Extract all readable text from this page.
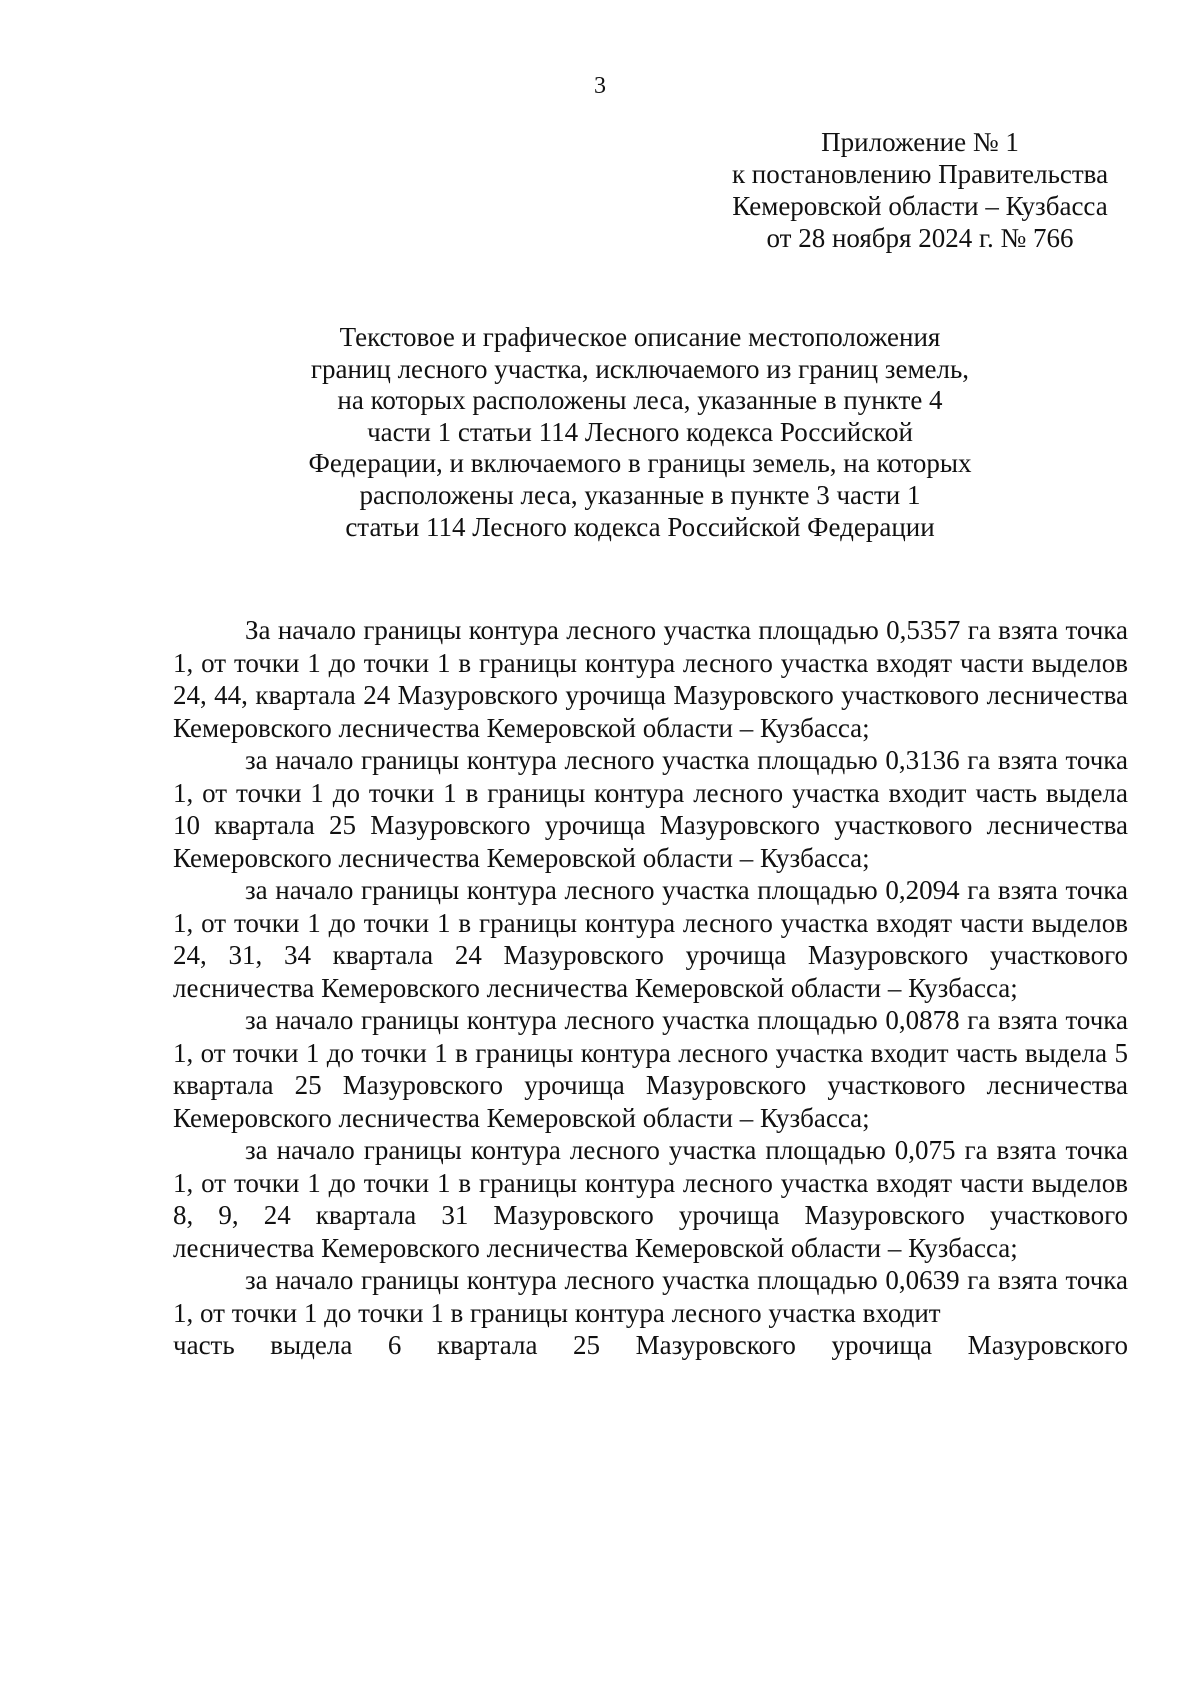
3
Приложение № 1
к постановлению Правительства
Кемеровской области – Кузбасса
от 28 ноября 2024 г. № 766
Текстовое и графическое описание местоположения
границ лесного участка, исключаемого из границ земель,
на которых расположены леса, указанные в пункте 4
части 1 статьи 114 Лесного кодекса Российской
Федерации, и включаемого в границы земель, на которых
расположены леса, указанные в пункте 3 части 1
статьи 114 Лесного кодекса Российской Федерации

За начало границы контура лесного участка площадью 0,5357 га взята точка 1, от точки 1 до точки 1 в границы контура лесного участка входят части выделов 24, 44, квартала 24 Мазуровского урочища Мазуровского участкового лесничества Кемеровского лесничества Кемеровской области – Кузбасса;

за начало границы контура лесного участка площадью 0,3136 га взята точка 1, от точки 1 до точки 1 в границы контура лесного участка входит часть выдела 10 квартала 25 Мазуровского урочища Мазуровского участкового лесничества Кемеровского лесничества Кемеровской области – Кузбасса;

за начало границы контура лесного участка площадью 0,2094 га взята точка 1, от точки 1 до точки 1 в границы контура лесного участка входят части выделов 24, 31, 34 квартала 24 Мазуровского урочища Мазуровского участкового лесничества Кемеровского лесничества Кемеровской области – Кузбасса;

за начало границы контура лесного участка площадью 0,0878 га взята точка 1, от точки 1 до точки 1 в границы контура лесного участка входит часть выдела 5 квартала 25 Мазуровского урочища Мазуровского участкового лесничества Кемеровского лесничества Кемеровской области – Кузбасса;

за начало границы контура лесного участка площадью 0,075 га взята точка 1, от точки 1 до точки 1 в границы контура лесного участка входят части выделов 8, 9, 24 квартала 31 Мазуровского урочища Мазуровского участкового лесничества Кемеровского лесничества Кемеровской области – Кузбасса;

за начало границы контура лесного участка площадью 0,0639 га взята точка 1, от точки 1 до точки 1 в границы контура лесного участка входит

часть выдела 6 квартала 25 Мазуровского урочища Мазуровского
